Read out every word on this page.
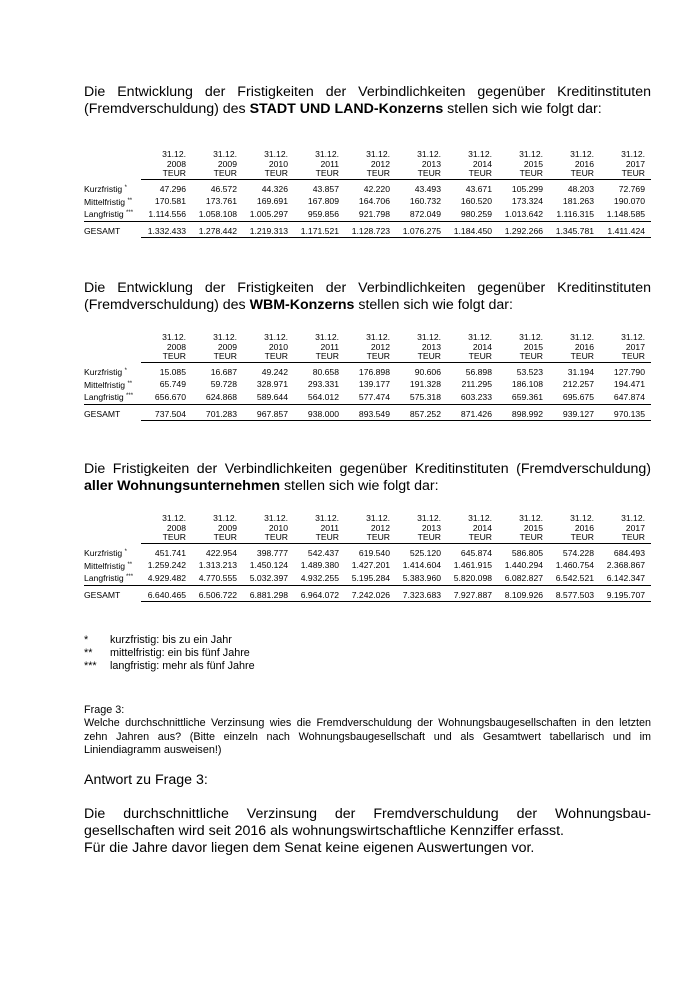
Die Entwicklung der Fristigkeiten der Verbindlichkeiten gegenüber Kreditinstituten (Fremdverschuldung) des STADT UND LAND-Konzerns stellen sich wie folgt dar:

	31.12.
2008
TEUR	31.12.
2009
TEUR	31.12.
2010
TEUR	31.12.
2011
TEUR	31.12.
2012
TEUR	31.12.
2013
TEUR	31.12.
2014
TEUR	31.12.
2015
TEUR	31.12.
2016
TEUR	31.12.
2017
TEUR

Kurzfristig *	47.296	46.572	44.326	43.857	42.220	43.493	43.671	105.299	48.203	72.769
Mittelfristig **	170.581	173.761	169.691	167.809	164.706	160.732	160.520	173.324	181.263	190.070
Langfristig ***	1.114.556	1.058.108	1.005.297	959.856	921.798	872.049	980.259	1.013.642	1.116.315	1.148.585
GESAMT	1.332.433	1.278.442	1.219.313	1.171.521	1.128.723	1.076.275	1.184.450	1.292.266	1.345.781	1.411.424
Die Entwicklung der Fristigkeiten der Verbindlichkeiten gegenüber Kreditinstituten (Fremdverschuldung) des WBM-Konzerns stellen sich wie folgt dar:

	31.12.
2008
TEUR	31.12.
2009
TEUR	31.12.
2010
TEUR	31.12.
2011
TEUR	31.12.
2012
TEUR	31.12.
2013
TEUR	31.12.
2014
TEUR	31.12.
2015
TEUR	31.12.
2016
TEUR	31.12.
2017
TEUR

Kurzfristig *	15.085	16.687	49.242	80.658	176.898	90.606	56.898	53.523	31.194	127.790
Mittelfristig **	65.749	59.728	328.971	293.331	139.177	191.328	211.295	186.108	212.257	194.471
Langfristig ***	656.670	624.868	589.644	564.012	577.474	575.318	603.233	659.361	695.675	647.874
GESAMT	737.504	701.283	967.857	938.000	893.549	857.252	871.426	898.992	939.127	970.135
Die Fristigkeiten der Verbindlichkeiten gegenüber Kreditinstituten (Fremdverschuldung) aller Wohnungsunternehmen stellen sich wie folgt dar:

	31.12.
2008
TEUR	31.12.
2009
TEUR	31.12.
2010
TEUR	31.12.
2011
TEUR	31.12.
2012
TEUR	31.12.
2013
TEUR	31.12.
2014
TEUR	31.12.
2015
TEUR	31.12.
2016
TEUR	31.12.
2017
TEUR

Kurzfristig *	451.741	422.954	398.777	542.437	619.540	525.120	645.874	586.805	574.228	684.493
Mittelfristig **	1.259.242	1.313.213	1.450.124	1.489.380	1.427.201	1.414.604	1.461.915	1.440.294	1.460.754	2.368.867
Langfristig ***	4.929.482	4.770.555	5.032.397	4.932.255	5.195.284	5.383.960	5.820.098	6.082.827	6.542.521	6.142.347
GESAMT	6.640.465	6.506.722	6.881.298	6.964.072	7.242.026	7.323.683	7.927.887	8.109.926	8.577.503	9.195.707
*	kurzfristig: bis zu ein Jahr
**	mittelfristig: ein bis fünf Jahre
***	langfristig: mehr als fünf Jahre
Frage 3:
Welche durchschnittliche Verzinsung wies die Fremdverschuldung der Wohnungsbaugesellschaften in den letzten zehn Jahren aus? (Bitte einzeln nach Wohnungsbaugesellschaft und als Gesamtwert tabellarisch und im Liniendiagramm ausweisen!)
Antwort zu Frage 3:
Die durchschnittliche Verzinsung der Fremdverschuldung der Wohnungsbau-gesellschaften wird seit 2016 als wohnungswirtschaftliche Kennziffer erfasst.
Für die Jahre davor liegen dem Senat keine eigenen Auswertungen vor.
